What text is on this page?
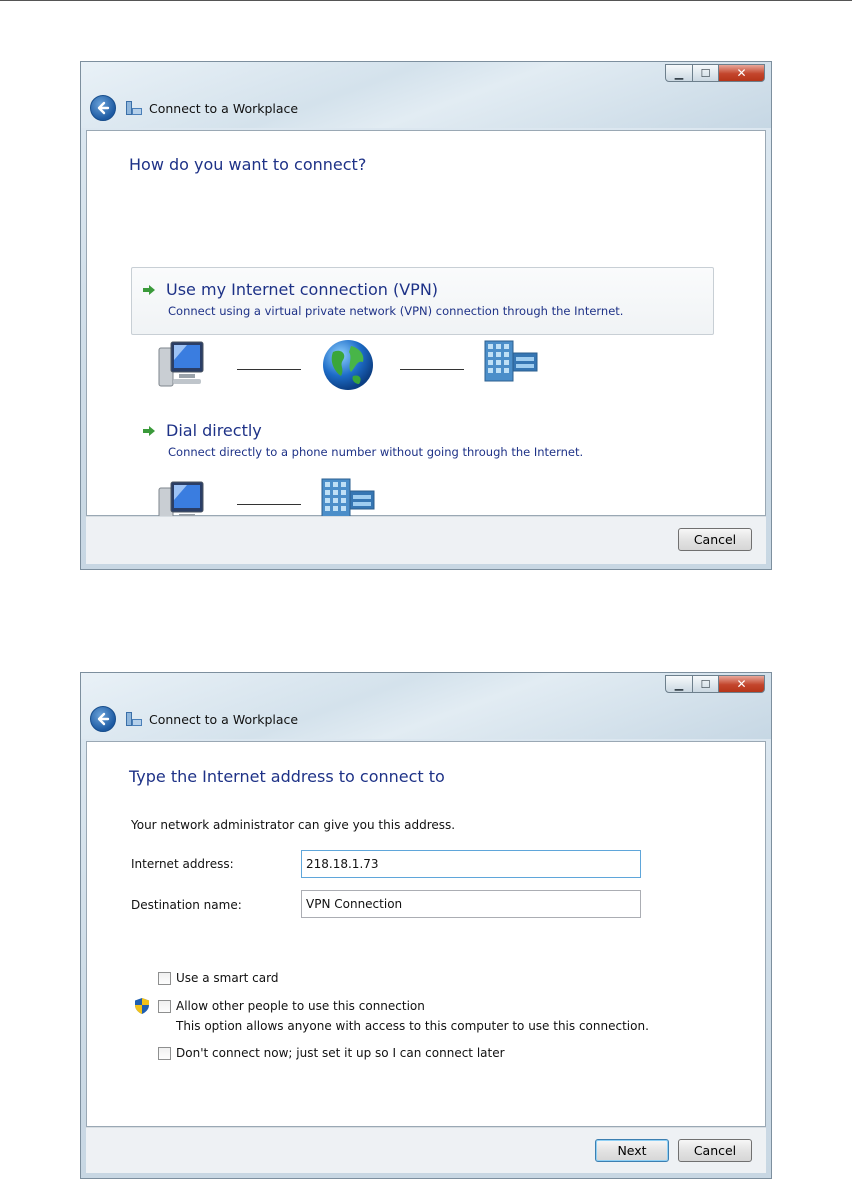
▁ ☐ ✕
Connect to a Workplace
How do you want to connect?
Use my Internet connection (VPN)
Connect using a virtual private network (VPN) connection through the Internet.
Dial directly
Connect directly to a phone number without going through the Internet.
Cancel
▁ ☐ ✕
Connect to a Workplace
Type the Internet address to connect to
Your network administrator can give you this address.
Internet address:
218.18.1.73
Destination name:
VPN Connection
Use a smart card
Allow other people to use this connection
This option allows anyone with access to this computer to use this connection.
Don't connect now; just set it up so I can connect later
Next	Cancel
